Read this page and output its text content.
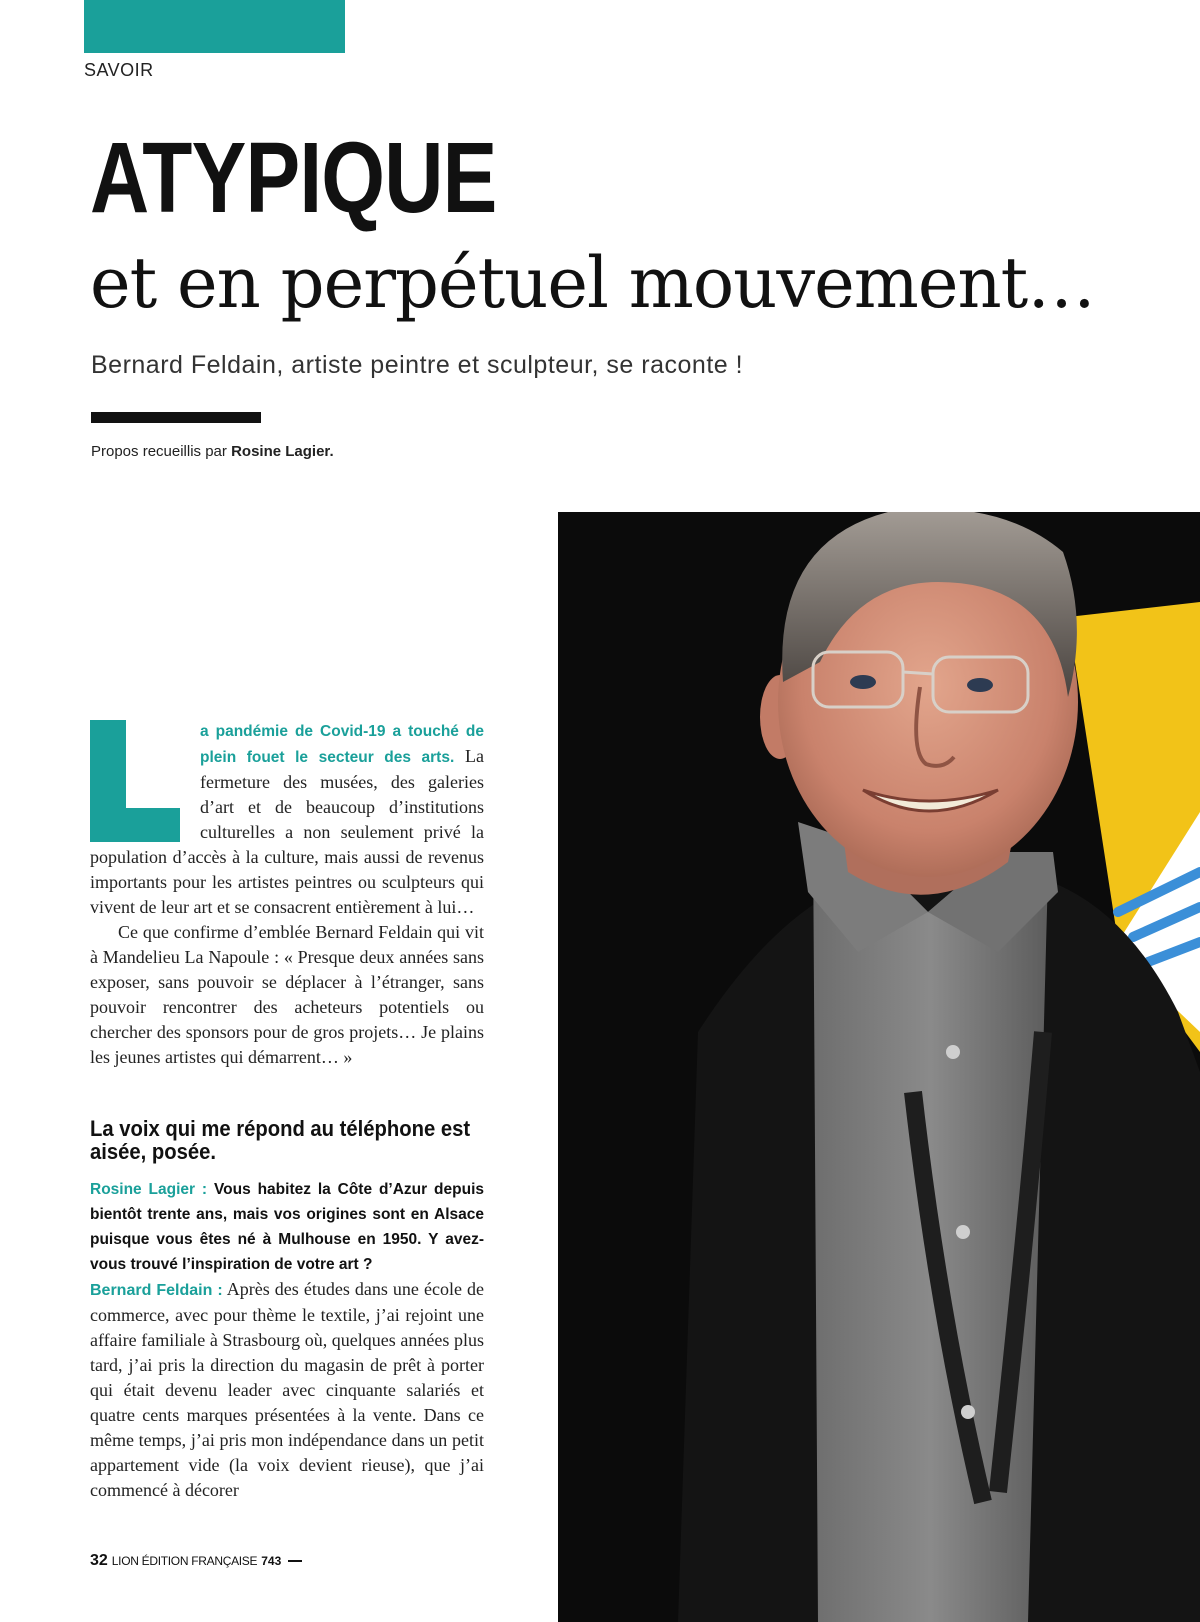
SAVOIR
ATYPIQUE
et en perpétuel mouvement…
Bernard Feldain, artiste peintre et sculpteur, se raconte !
Propos recueillis par Rosine Lagier.

a pandémie de Covid-19 a touché de plein fouet le secteur des arts. La fermeture des musées, des galeries d’art et de beaucoup d’institutions culturelles a non seulement privé la population d’accès à la culture, mais aussi de revenus importants pour les artistes peintres ou sculpteurs qui vivent de leur art et se consacrent entièrement à lui…

Ce que confirme d’emblée Bernard Feldain qui vit à Mandelieu La Napoule : « Presque deux années sans exposer, sans pouvoir se déplacer à l’étranger, sans pouvoir rencontrer des acheteurs potentiels ou chercher des sponsors pour de gros projets… Je plains les jeunes artistes qui démarrent… »

La voix qui me répond au téléphone est aisée, posée.

Rosine Lagier : Vous habitez la Côte d’Azur depuis bientôt trente ans, mais vos origines sont en Alsace puisque vous êtes né à Mulhouse en 1950. Y avez-vous trouvé l’inspiration de votre art ?

Bernard Feldain : Après des études dans une école de commerce, avec pour thème le textile, j’ai rejoint une affaire familiale à Strasbourg où, quelques années plus tard, j’ai pris la direction du magasin de prêt à porter qui était devenu leader avec cinquante salariés et quatre cents marques présentées à la vente. Dans ce même temps, j’ai pris mon indépendance dans un petit appartement vide (la voix devient rieuse), que j’ai commencé à décorer

32 LION ÉDITION FRANÇAISE 743
